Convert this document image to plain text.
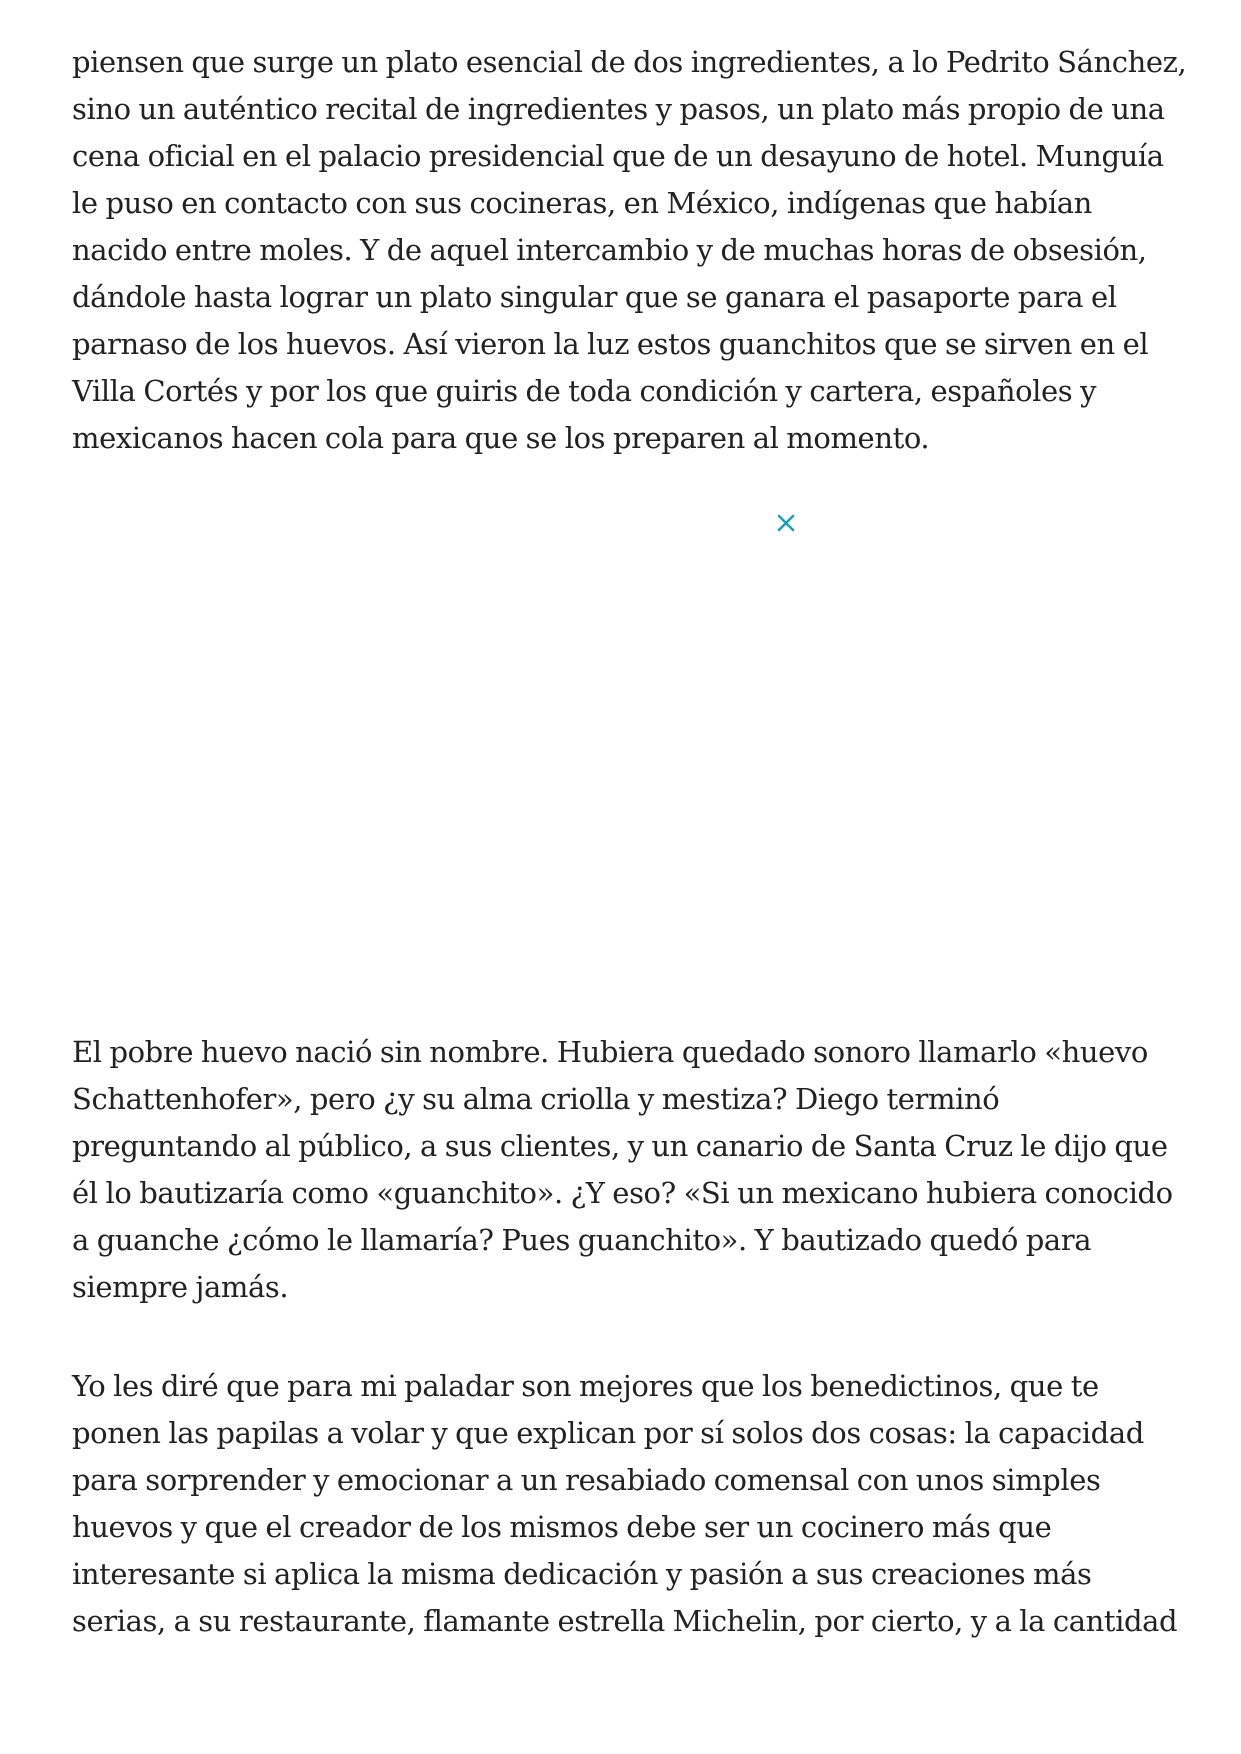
piensen que surge un plato esencial de dos ingredientes, a lo Pedrito Sánchez,
sino un auténtico recital de ingredientes y pasos, un plato más propio de una
cena oficial en el palacio presidencial que de un desayuno de hotel. Munguía
le puso en contacto con sus cocineras, en México, indígenas que habían
nacido entre moles. Y de aquel intercambio y de muchas horas de obsesión,
dándole hasta lograr un plato singular que se ganara el pasaporte para el
parnaso de los huevos. Así vieron la luz estos guanchitos que se sirven en el
Villa Cortés y por los que guiris de toda condición y cartera, españoles y
mexicanos hacen cola para que se los preparen al momento.

El pobre huevo nació sin nombre. Hubiera quedado sonoro llamarlo «huevo
Schattenhofer», pero ¿y su alma criolla y mestiza? Diego terminó
preguntando al público, a sus clientes, y un canario de Santa Cruz le dijo que
él lo bautizaría como «guanchito». ¿Y eso? «Si un mexicano hubiera conocido
a guanche ¿cómo le llamaría? Pues guanchito». Y bautizado quedó para
siempre jamás.

Yo les diré que para mi paladar son mejores que los benedictinos, que te
ponen las papilas a volar y que explican por sí solos dos cosas: la capacidad
para sorprender y emocionar a un resabiado comensal con unos simples
huevos y que el creador de los mismos debe ser un cocinero más que
interesante si aplica la misma dedicación y pasión a sus creaciones más
serias, a su restaurante, flamante estrella Michelin, por cierto, y a la cantidad
